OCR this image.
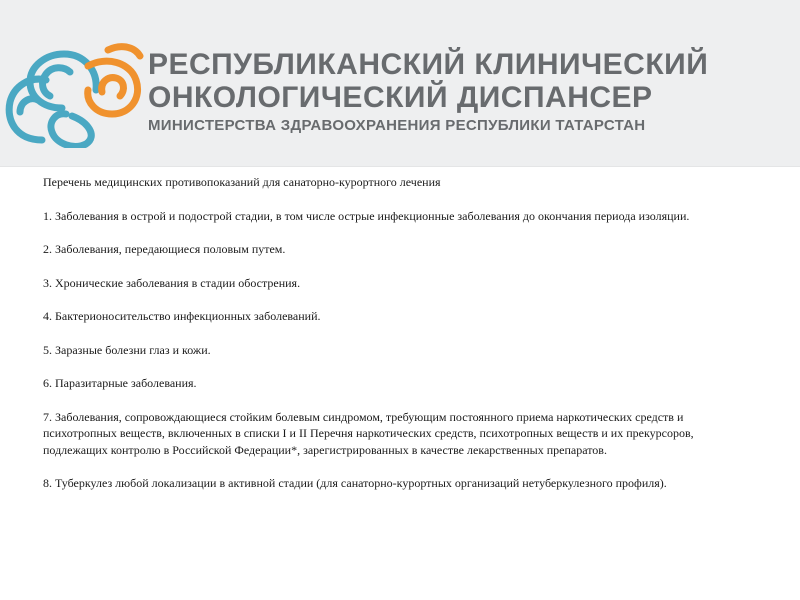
РЕСПУБЛИКАНСКИЙ КЛИНИЧЕСКИЙ
ОНКОЛОГИЧЕСКИЙ ДИСПАНСЕР
МИНИСТЕРСТВА ЗДРАВООХРАНЕНИЯ РЕСПУБЛИКИ ТАТАРСТАН

Перечень медицинских противопоказаний для санаторно-курортного лечения

1. Заболевания в острой и подострой стадии, в том числе острые инфекционные заболевания до окончания периода изоляции.

2. Заболевания, передающиеся половым путем.

3. Хронические заболевания в стадии обострения.

4. Бактерионосительство инфекционных заболеваний.

5. Заразные болезни глаз и кожи.

6. Паразитарные заболевания.

7. Заболевания, сопровождающиеся стойким болевым синдромом, требующим постоянного приема наркотических средств и психотропных веществ, включенных в списки I и II Перечня наркотических средств, психотропных веществ и их прекурсоров, подлежащих контролю в Российской Федерации*, зарегистрированных в качестве лекарственных препаратов.

8. Туберкулез любой локализации в активной стадии (для санаторно-курортных организаций нетуберкулезного профиля).
